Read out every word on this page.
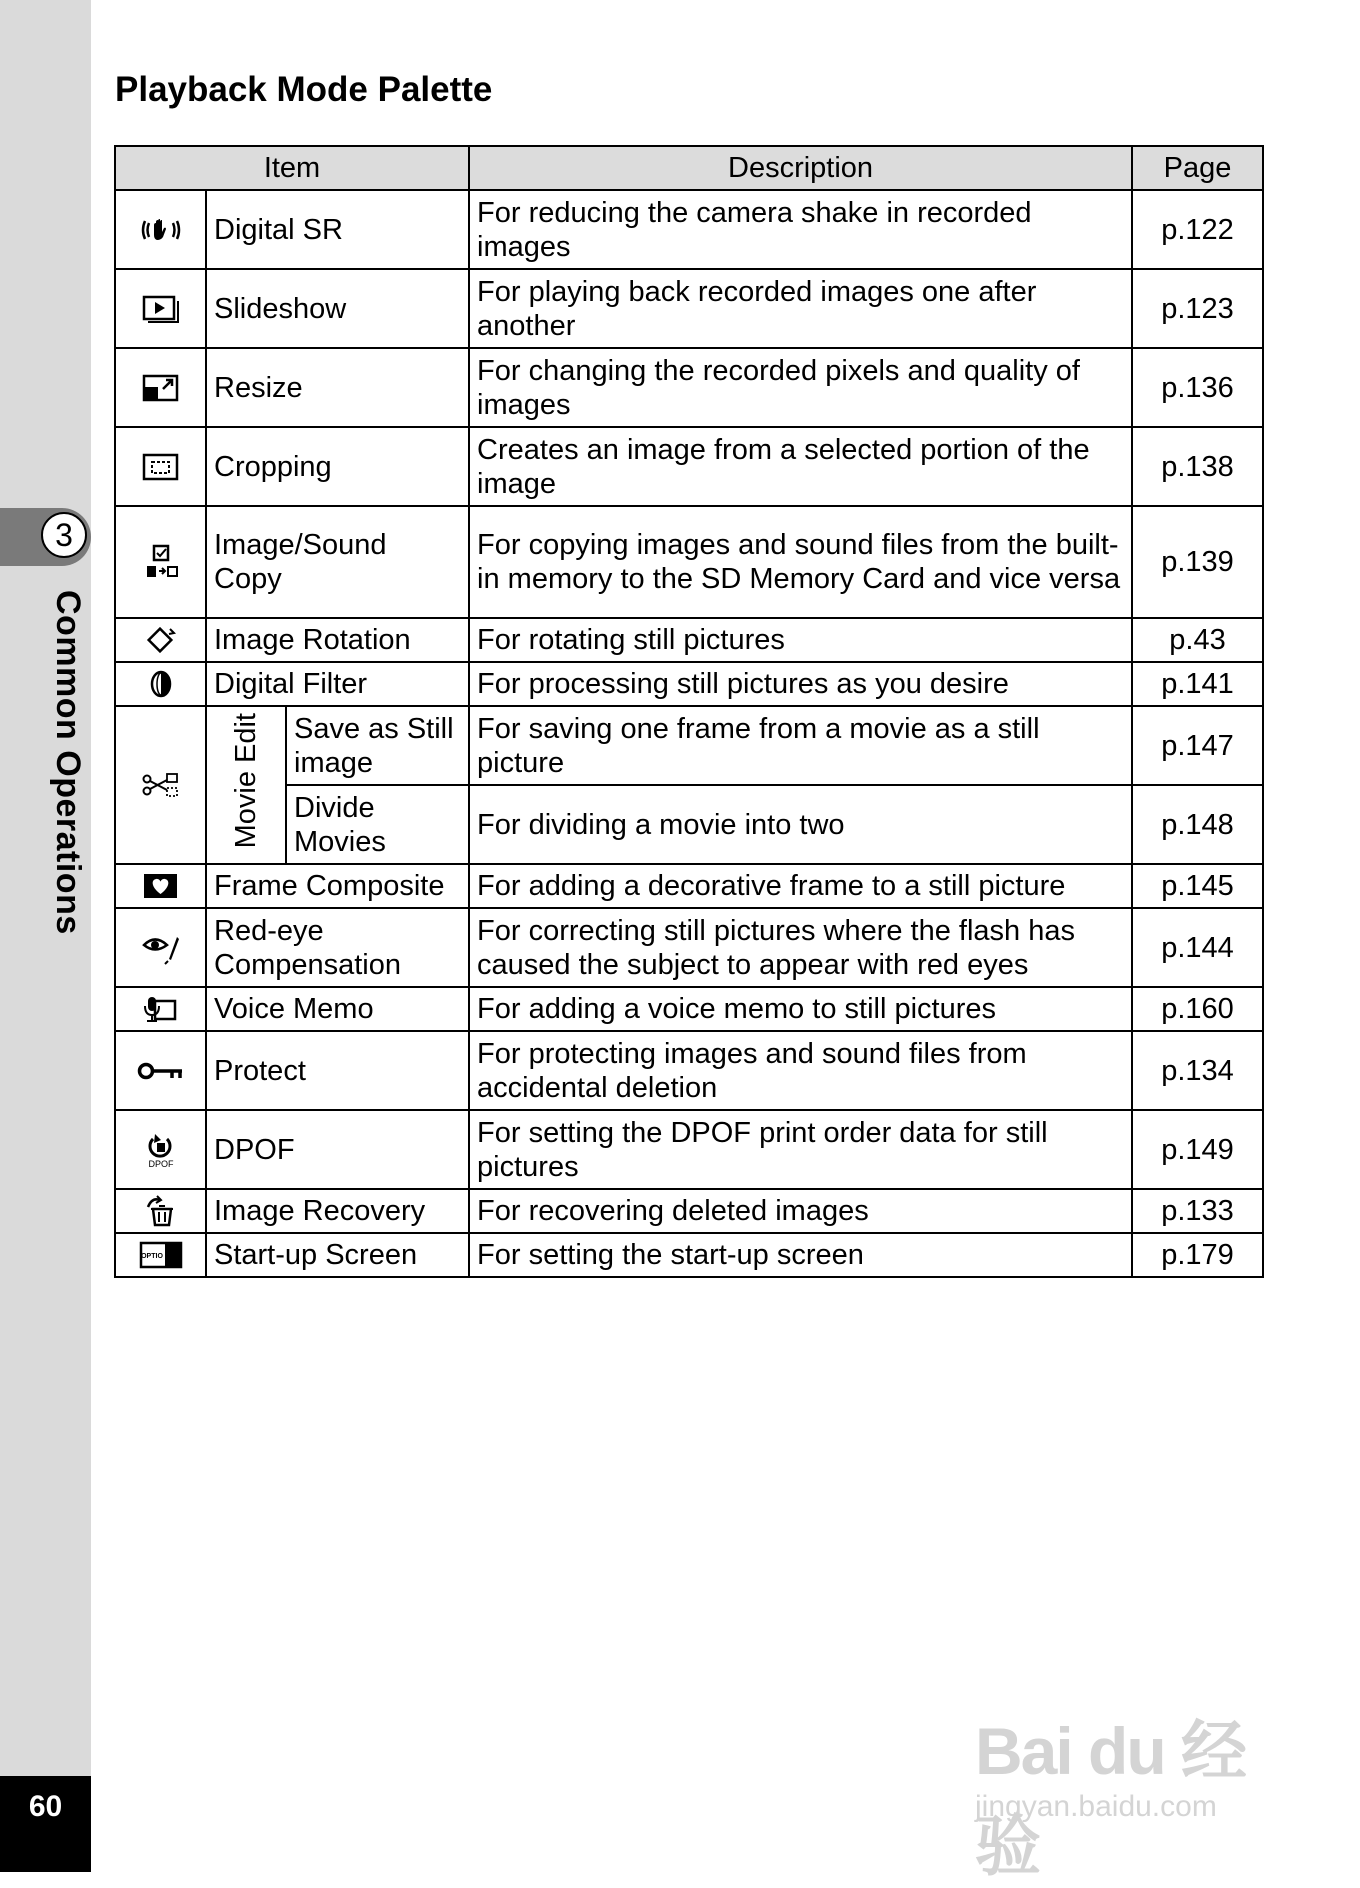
3
Common Operations
60
Playback Mode Palette
Item			Description	Page

	Digital SR		For reducing the camera shake in recorded images	p.122

	Slideshow		For playing back recorded images one after another	p.123

	Resize		For changing the recorded pixels and quality of images	p.136

	Cropping		Creates an image from a selected portion of the image	p.138

	Image/Sound Copy		For copying images and sound files from the built-in memory to the SD Memory Card and vice versa	p.139

	Image Rotation		For rotating still pictures	p.43

	Digital Filter		For processing still pictures as you desire	p.141

	Movie Edit	Save as Still image	For saving one frame from a movie as a still picture	p.147
		Divide Movies	For dividing a movie into two	p.148

	Frame Composite		For adding a decorative frame to a still picture	p.145

	Red-eye Compensation		For correcting still pictures where the flash has caused the subject to appear with red eyes	p.144

	Voice Memo		For adding a voice memo to still pictures	p.160

	Protect		For protecting images and sound files from accidental deletion	p.134

DPOF	DPOF		For setting the DPOF print order data for still pictures	p.149

	Image Recovery		For recovering deleted images	p.133

OPTIO	Start-up Screen		For setting the start-up screen	p.179
Bai du 经验
jingyan.baidu.com
